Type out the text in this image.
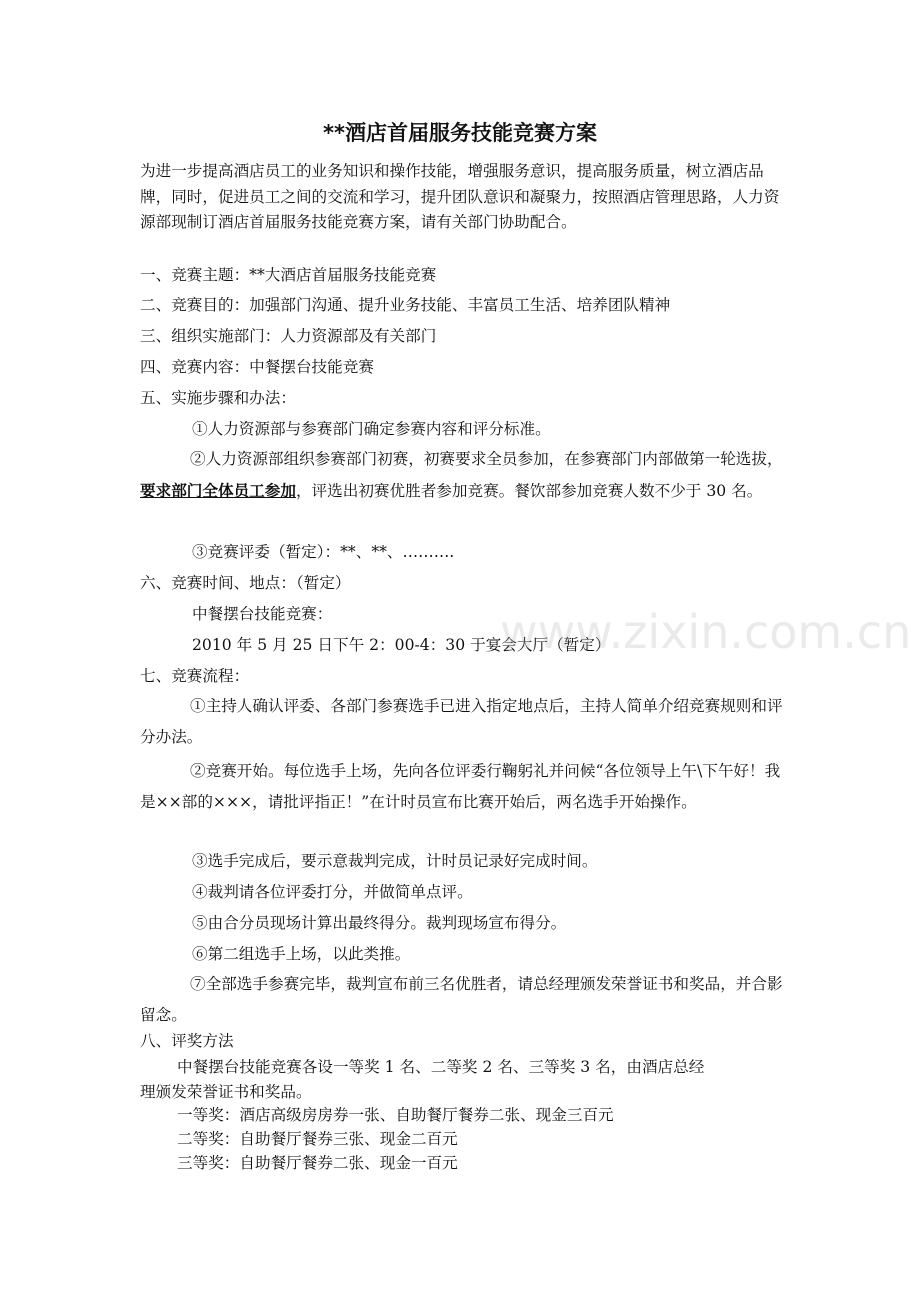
**酒店首届服务技能竞赛方案
为进一步提高酒店员工的业务知识和操作技能，增强服务意识，提高服务质量，树立酒店品牌，同时，促进员工之间的交流和学习，提升团队意识和凝聚力，按照酒店管理思路，人力资源部现制订酒店首届服务技能竞赛方案，请有关部门协助配合。
一、竞赛主题：**大酒店首届服务技能竞赛
二、竞赛目的：加强部门沟通、提升业务技能、丰富员工生活、培养团队精神
三、组织实施部门：人力资源部及有关部门
四、竞赛内容：中餐摆台技能竞赛
五、实施步骤和办法：
①人力资源部与参赛部门确定参赛内容和评分标准。
②人力资源部组织参赛部门初赛，初赛要求全员参加，在参赛部门内部做第一轮选拔，要求部门全体员工参加，评选出初赛优胜者参加竞赛。餐饮部参加竞赛人数不少于 30 名。
③竞赛评委（暂定）：**、**、……….
六、竞赛时间、地点：（暂定）
中餐摆台技能竞赛：
2010 年 5 月 25 日下午 2：00-4：30 于宴会大厅（暂定）
七、竞赛流程：
①主持人确认评委、各部门参赛选手已进入指定地点后，主持人简单介绍竞赛规则和评分办法。
②竞赛开始。每位选手上场，先向各位评委行鞠躬礼并问候“各位领导上午\下午好！我是××部的×××，请批评指正！”在计时员宣布比赛开始后，两名选手开始操作。
③选手完成后，要示意裁判完成，计时员记录好完成时间。
④裁判请各位评委打分，并做简单点评。
⑤由合分员现场计算出最终得分。裁判现场宣布得分。
⑥第二组选手上场，以此类推。
⑦全部选手参赛完毕，裁判宣布前三名优胜者，请总经理颁发荣誉证书和奖品，并合影留念。
八、评奖方法
中餐摆台技能竞赛各设一等奖 1 名、二等奖 2 名、三等奖 3 名，由酒店总经
理颁发荣誉证书和奖品。
一等奖：酒店高级房房券一张、自助餐厅餐券二张、现金三百元
二等奖：自助餐厅餐券三张、现金二百元
三等奖：自助餐厅餐券二张、现金一百元
www.zixin.com.cn
